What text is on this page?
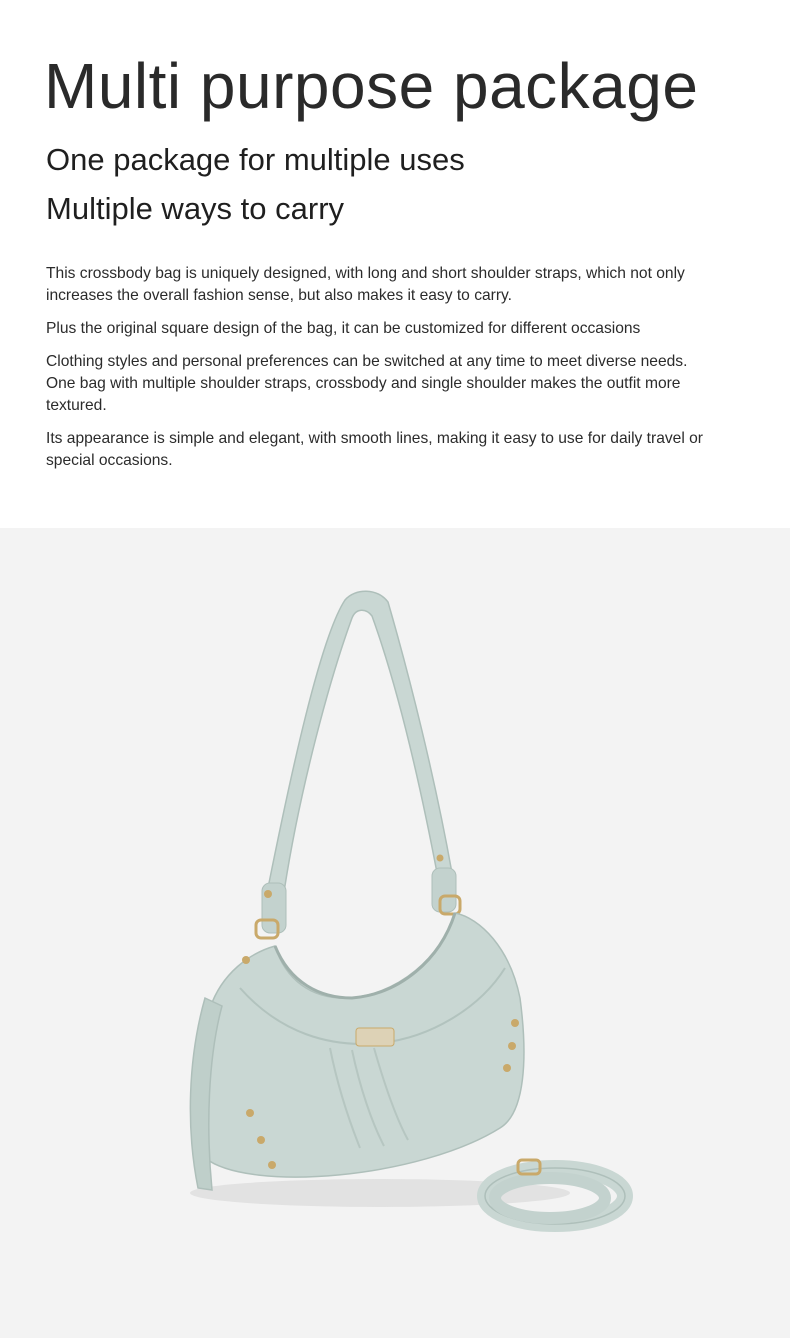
Multi purpose package
One package for multiple uses
Multiple ways to carry

This crossbody bag is uniquely designed, with long and short shoulder straps, which not only increases the overall fashion sense, but also makes it easy to carry.

Plus the original square design of the bag, it can be customized for different occasions

Clothing styles and personal preferences can be switched at any time to meet diverse needs. One bag with multiple shoulder straps, crossbody and single shoulder makes the outfit more textured.

Its appearance is simple and elegant, with smooth lines, making it easy to use for daily travel or special occasions.
